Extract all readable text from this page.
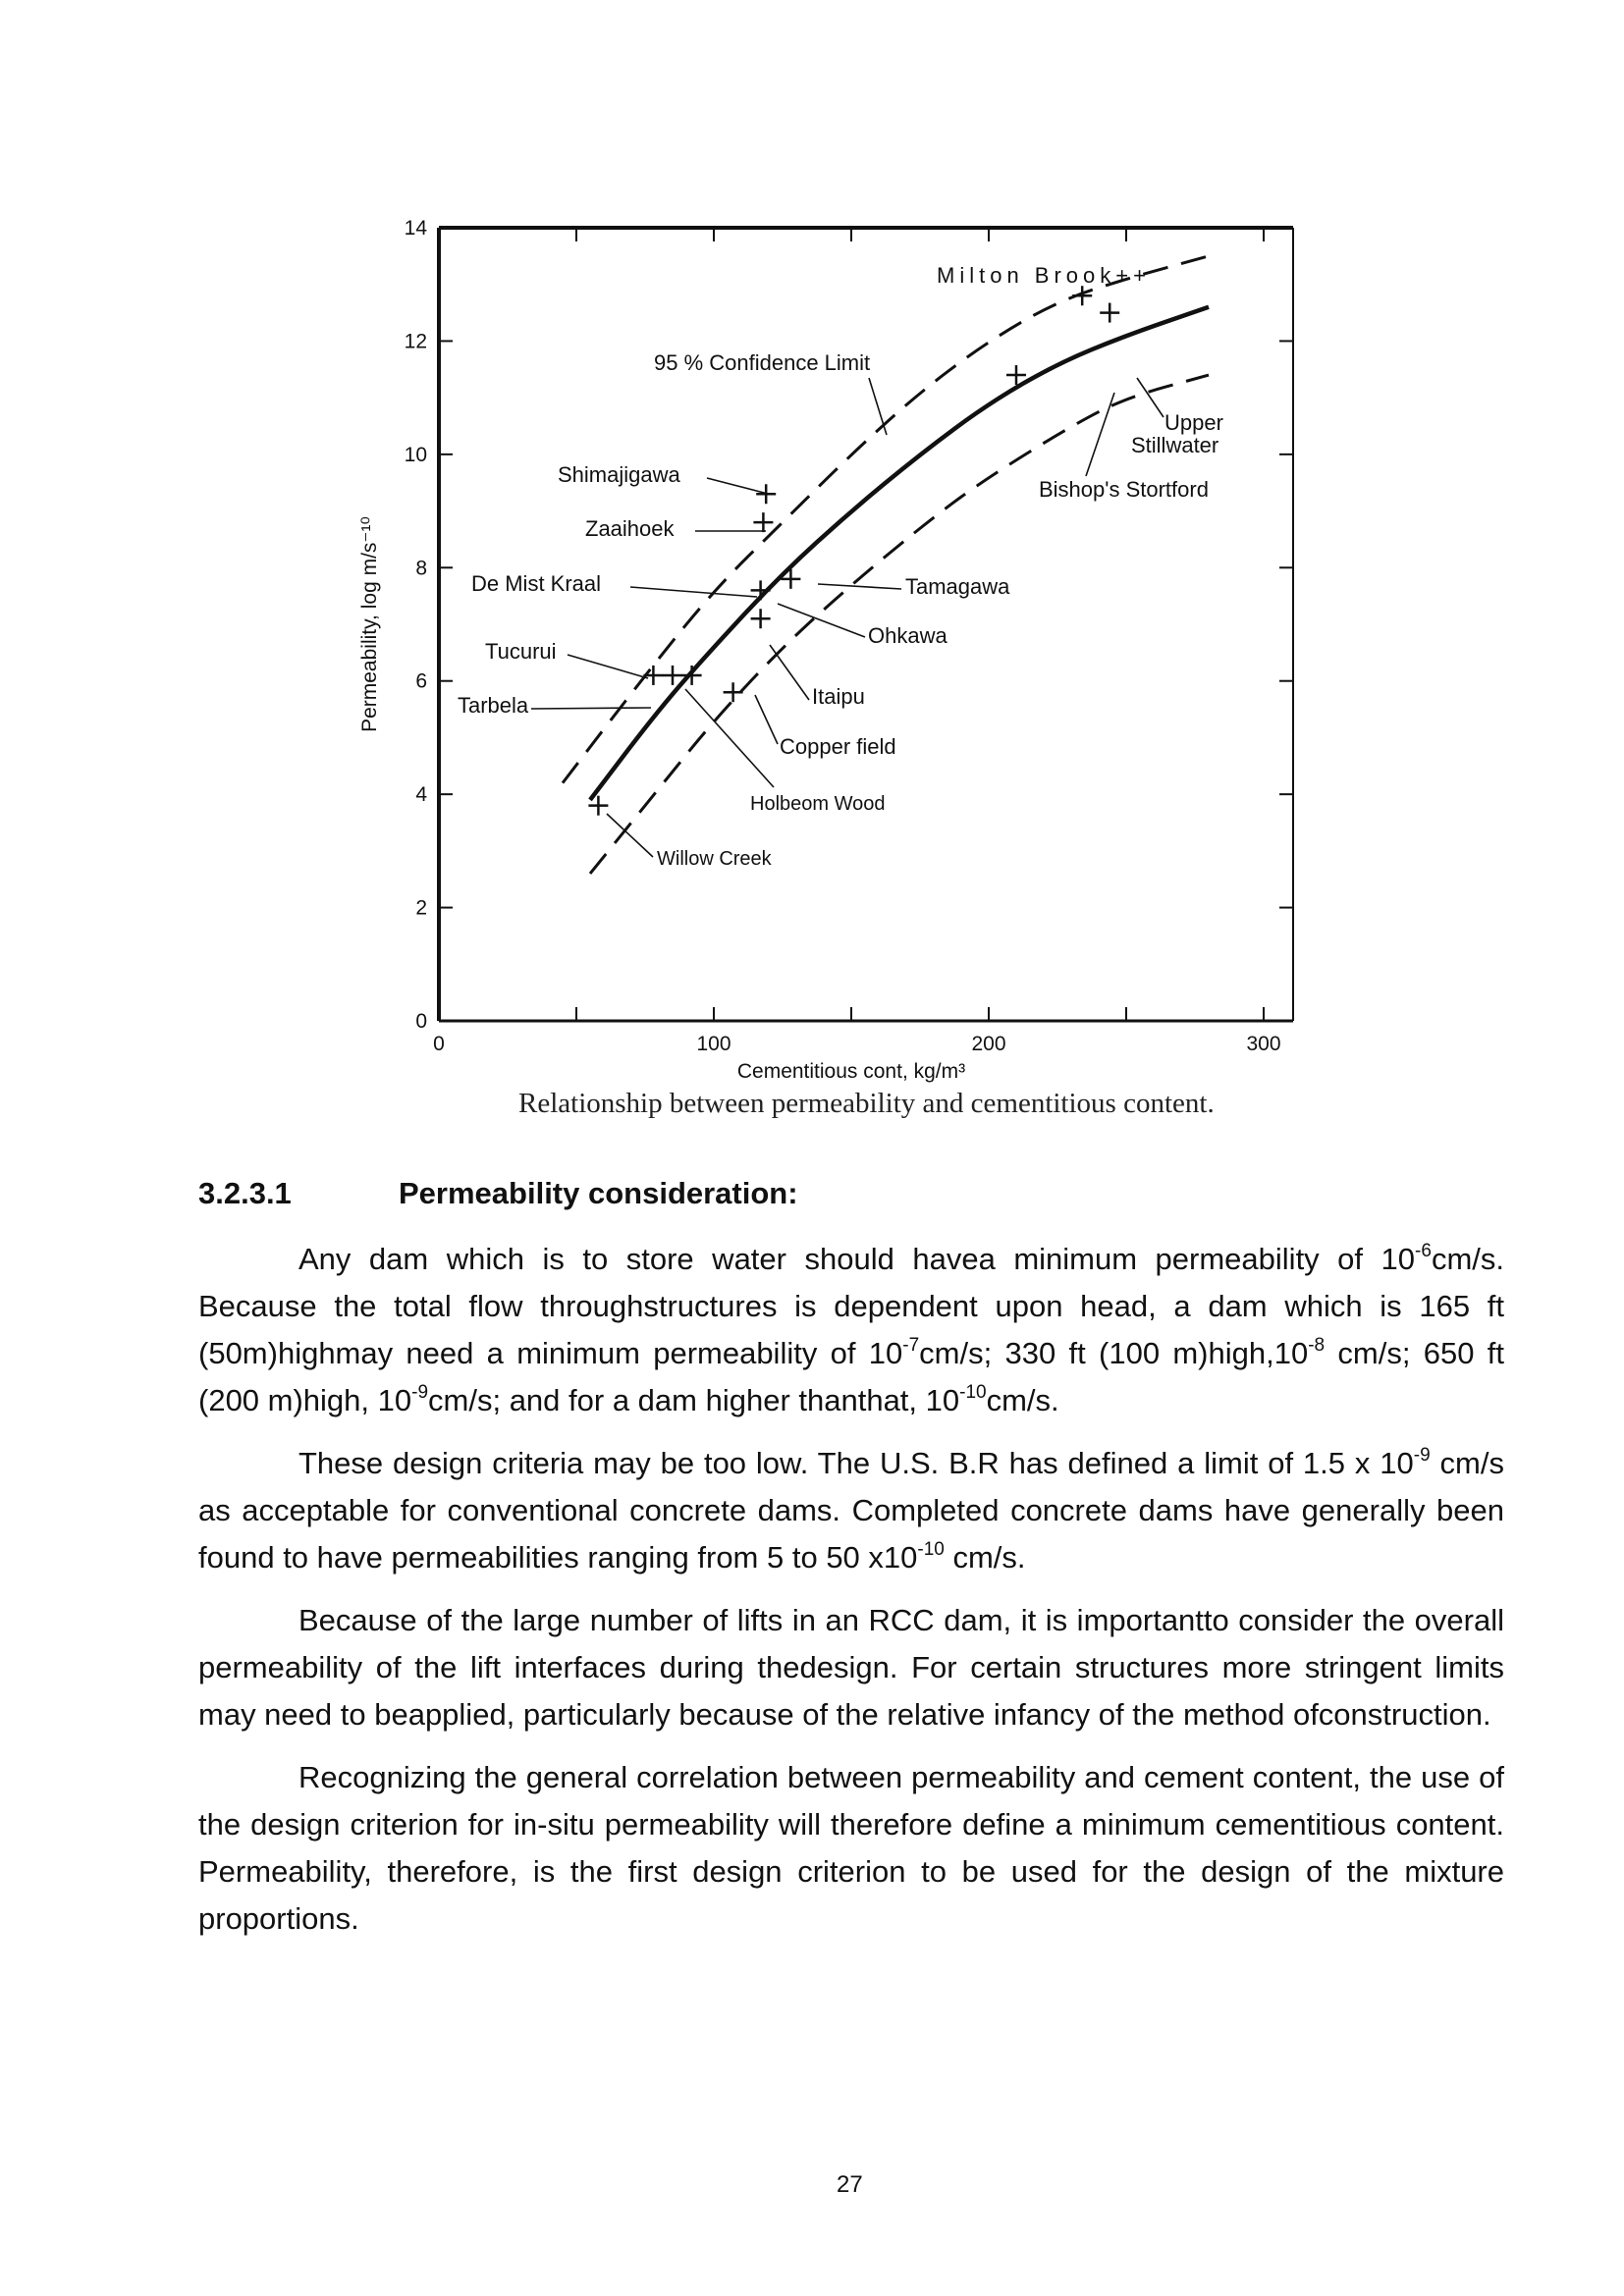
0
2
4
6
8
10
12
14
0	100	200	300
Cementitious cont, kg/m³
Permeability, log m/s⁻¹⁰
Milton Brook++
95 % Confidence Limit
Upper
Stillwater
Bishop's Stortford
Shimajigawa
Zaaihoek
De Mist Kraal	Tamagawa
Ohkawa
Tucurui
Tarbela	Itaipu
Copper field
Holbeom Wood
Willow Creek
Relationship between permeability and cementitious content.
3.2.3.1	Permeability consideration:

Any dam which is to store water should havea minimum permeability of $10^{-6}cm/s$. Because the total flow throughstructures is dependent upon head, a dam which is 165 ft (50m)highmay need a minimum permeability of $10^{-7}cm/s$; 330 ft (100 $m)high,10^{-8}$ cm/s; 650 ft (200 m)high, $10^{-9}cm/s$; and for a dam higher thanthat, $10^{-10}cm/s$.

These design criteria may be too low. The U.S. B.R has defined a limit of 1.5 x $10^{-9}$ cm/s as acceptable for conventional concrete dams. Completed concrete dams have generally been found to have permeabilities ranging from 5 to 50 $x10^{-10}$ cm/s.

Because of the large number of lifts in an RCC dam, it is importantto consider the overall permeability of the lift interfaces during thedesign. For certain structures more stringent limits may need to beapplied, particularly because of the relative infancy of the method ofconstruction.

Recognizing the general correlation between permeability and cement content, the use of the design criterion for in-situ permeability will therefore define a minimum cementitious content. Permeability, therefore, is the first design criterion to be used for the design of the mixture proportions.

27
